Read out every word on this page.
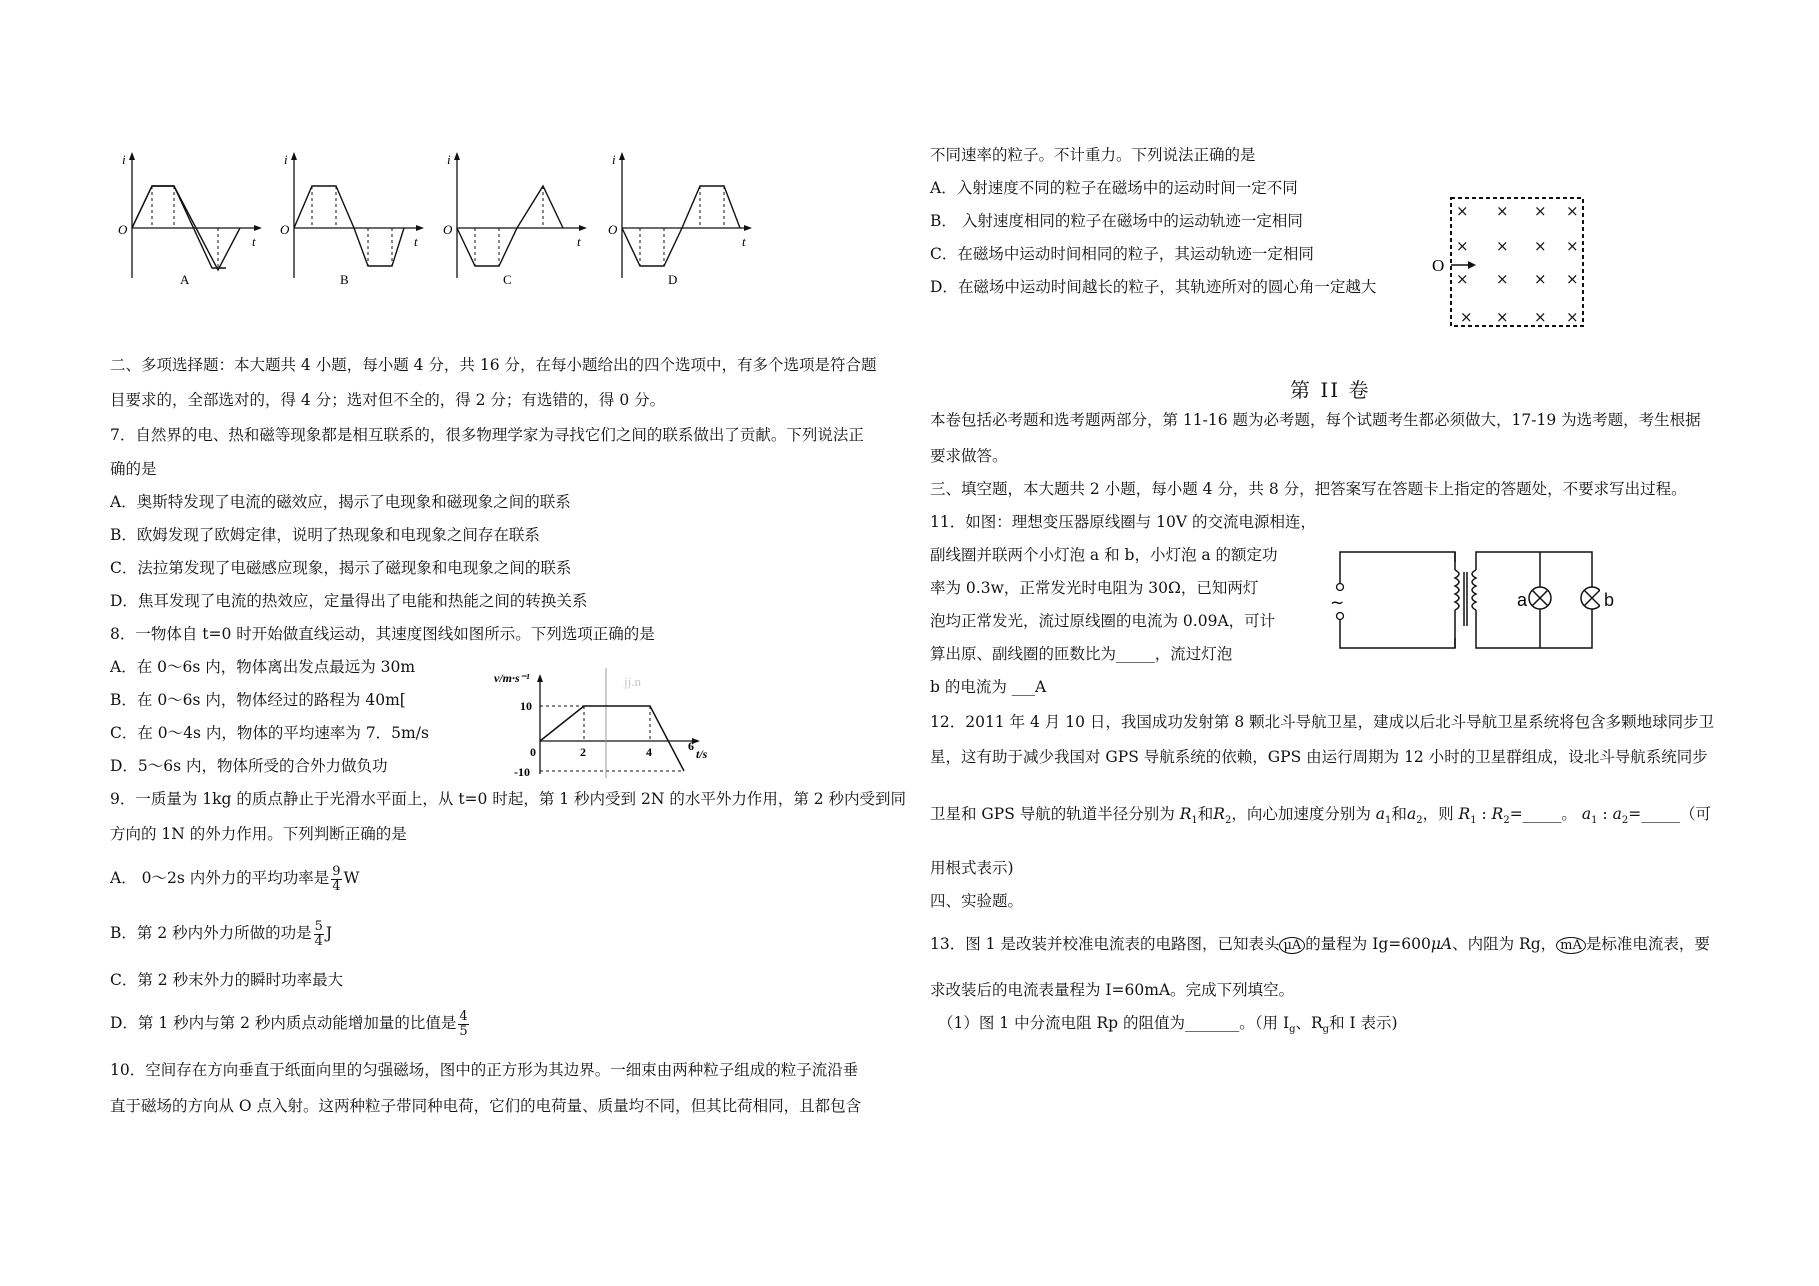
i
O
t
A
i
O
t
B
i
O
t
C
i
O
t
D
二、多项选择题：本大题共 4 小题，每小题 4 分，共 16 分，在每小题给出的四个选项中，有多个选项是符合题
目要求的，全部选对的，得 4 分；选对但不全的，得 2 分；有选错的，得 0 分。
7．自然界的电、热和磁等现象都是相互联系的，很多物理学家为寻找它们之间的联系做出了贡献。下列说法正
确的是
A．奥斯特发现了电流的磁效应，揭示了电现象和磁现象之间的联系
B．欧姆发现了欧姆定律，说明了热现象和电现象之间存在联系
C．法拉第发现了电磁感应现象，揭示了磁现象和电现象之间的联系
D．焦耳发现了电流的热效应，定量得出了电能和热能之间的转换关系
8．一物体自 t=0 时开始做直线运动，其速度图线如图所示。下列选项正确的是
A．在 0～6s 内，物体离出发点最远为 30m
B．在 0～6s 内，物体经过的路程为 40m[
C．在 0～4s 内，物体的平均速率为 7．5m/s
D．5～6s 内，物体所受的合外力做负功
9．一质量为 1kg 的质点静止于光滑水平面上，从 t=0 时起，第 1 秒内受到 2N 的水平外力作用，第 2 秒内受到同
方向的 1N 的外力作用。下列判断正确的是
A． 0～2s 内外力的平均功率是 $\frac{9}{4}$ W
B．第 2 秒内外力所做的功是 $\frac{5}{4}$ J
C．第 2 秒末外力的瞬时功率最大
D．第 1 秒内与第 2 秒内质点动能增加量的比值是 $\frac{4}{5}$
10．空间存在方向垂直于纸面向里的匀强磁场，图中的正方形为其边界。一细束由两种粒子组成的粒子流沿垂
直于磁场的方向从 O 点入射。这两种粒子带同种电荷，它们的电荷量、质量均不同，但其比荷相同，且都包含
v/m·s⁻¹
t/s
10
-10
0	2	4	6
jj.n
不同速率的粒子。不计重力。下列说法正确的是
A．入射速度不同的粒子在磁场中的运动时间一定不同
B． 入射速度相同的粒子在磁场中的运动轨迹一定相同
C．在磁场中运动时间相同的粒子，其运动轨迹一定相同
D．在磁场中运动时间越长的粒子，其轨迹所对的圆心角一定越大
× × × ×
× × × ×
× × × ×
× × × ×
O
第 II 卷
本卷包括必考题和选考题两部分，第 11-16 题为必考题，每个试题考生都必须做大，17-19 为选考题，考生根据
要求做答。
三、填空题，本大题共 2 小题，每小题 4 分，共 8 分，把答案写在答题卡上指定的答题处，不要求写出过程。
11．如图：理想变压器原线圈与 10V 的交流电源相连，
副线圈并联两个小灯泡 a 和 b，小灯泡 a 的额定功
率为 0.3w，正常发光时电阻为 30Ω，已知两灯
泡均正常发光，流过原线圈的电流为 0.09A，可计
算出原、副线圈的匝数比为_____，流过灯泡
b 的电流为 ___A
~	a	b
12．2011 年 4 月 10 日，我国成功发射第 8 颗北斗导航卫星，建成以后北斗导航卫星系统将包含多颗地球同步卫
星，这有助于减少我国对 GPS 导航系统的依赖，GPS 由运行周期为 12 小时的卫星群组成，设北斗导航系统同步
卫星和 GPS 导航的轨道半径分别为 $R_1$和$R_2$，向心加速度分别为 $a_1$和$a_2$，则 $R_1$ : $R_2=\_\_\_\_\_$。 $a_1$ : $a_2=\_\_\_\_\_$（可
用根式表示)
四、实验题。
13．图 1 是改装并校准电流表的电路图，已知表头 μA 的量程为 Ig=600μA、内阻为 Rg， mA 是标准电流表，要
求改装后的电流表量程为 I=60mA。完成下列填空。
（1）图 1 中分流电阻 Rp 的阻值为_______。（用 $I_g$、$R_g$和 I 表示)
